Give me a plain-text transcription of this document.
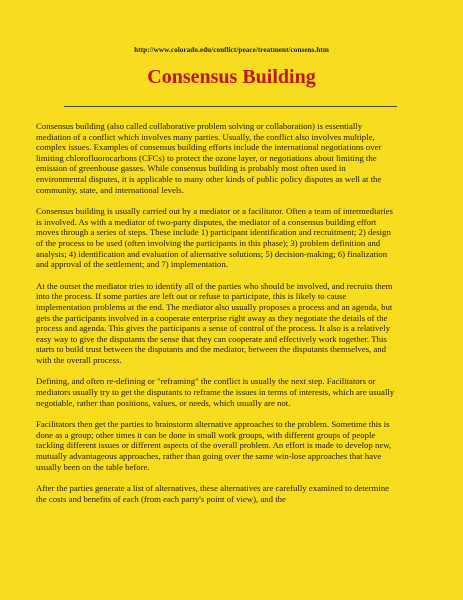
http://www.colorado.edu/conflict/peace/treatment/consens.htm
Consensus Building

Consensus building (also called collaborative problem solving or collaboration) is essentially mediation of a conflict which involves many parties. Usually, the conflict also involves multiple, complex issues. Examples of consensus building efforts include the international negotiations over limiting chlorofluorocarbons (CFCs) to protect the ozone layer, or negotiations about limiting the emission of greenhouse gasses. While consensus building is probably most often used in environmental disputes, it is applicable to many other kinds of public policy disputes as well at the community, state, and international levels.

Consensus building is usually carried out by a mediator or a facilitator. Often a team of intermediaries is involved. As with a mediator of two-party disputes, the mediator of a consensus building effort moves through a series of steps. These include 1) participant identification and recruitment; 2) design of the process to be used (often involving the participants in this phase); 3) problem definition and analysis; 4) identification and evaluation of alternative solutions; 5) decision-making; 6) finalization and approval of the settlement; and 7) implementation.

At the outset the mediator tries to identify all of the parties who should be involved, and recruits them into the process. If some parties are left out or refuse to participate, this is likely to cause implementation problems at the end. The mediator also usually proposes a process and an agenda, but gets the participants involved in a cooperate enterprise right away as they negotiate the details of the process and agenda. This gives the participants a sense of control of the process. It also is a relatively easy way to give the disputants the sense that they can cooperate and effectively work together. This starts to build trust between the disputants and the mediator, between the disputants themselves, and with the overall process.

Defining, and often re-defining or "reframing" the conflict is usually the next step. Facilitators or mediators usually try to get the disputants to reframe the issues in terms of interests, which are usually negotiable, rather than positions, values, or needs, which usually are not.

Facilitators then get the parties to brainstorm alternative approaches to the problem. Sometime this is done as a group; other times it can be done in small work groups, with different groups of people tackling different issues or different aspects of the overall problem. An effort is made to develop new, mutually advantageous approaches, rather than going over the same win-lose approaches that have usually been on the table before.

After the parties generate a list of alternatives, these alternatives are carefully examined to determine the costs and benefits of each (from each party's point of view), and the
